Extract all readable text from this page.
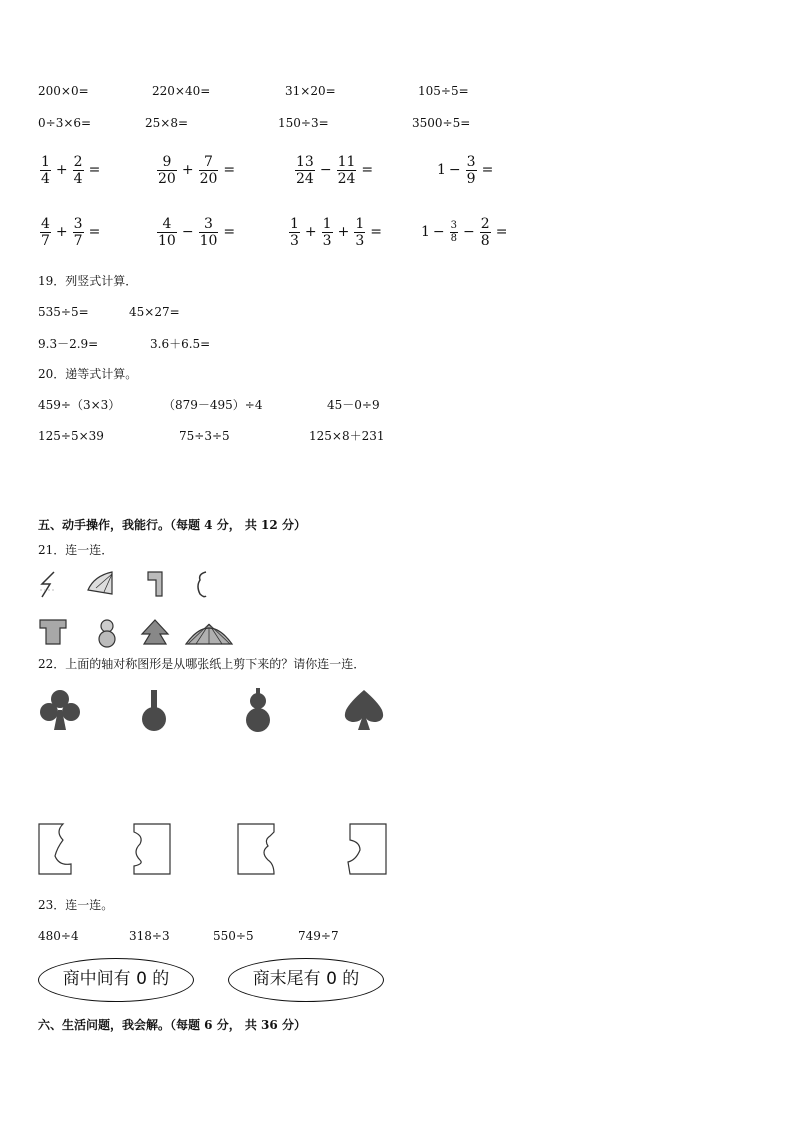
200×0=	220×40=	31×20=	105÷5=
0÷3×6=	25×8=	150÷3=	3500÷5=
$\frac{1}{4} + \frac{2}{4}$ =	$\frac{9}{20} + \frac{7}{20}$ =	$\frac{13}{24} - \frac{11}{24}$ =	$1 - \frac{3}{9}$ =
$\frac{4}{7} + \frac{3}{7}$ =	$\frac{4}{10} - \frac{3}{10}$ =	$\frac{1}{3} + \frac{1}{3} + \frac{1}{3}$ =	$1 - \frac{3}{8} - \frac{2}{8}$ =
19．列竖式计算．
535÷5=	45×27=
9.3－2.9=	3.6＋6.5=
20．递等式计算。
459÷（3×3）	（879－495）÷4	45－0÷9
125÷5×39	75÷3÷5	125×8＋231
五、动手操作，我能行。（每题 4 分， 共 12 分）
21．连一连．
22．上面的轴对称图形是从哪张纸上剪下来的？请你连一连．
23．连一连。
480÷4	318÷3	550÷5	749÷7
商中间有 0 的	商末尾有 0 的
六、生活问题，我会解。（每题 6 分， 共 36 分）
